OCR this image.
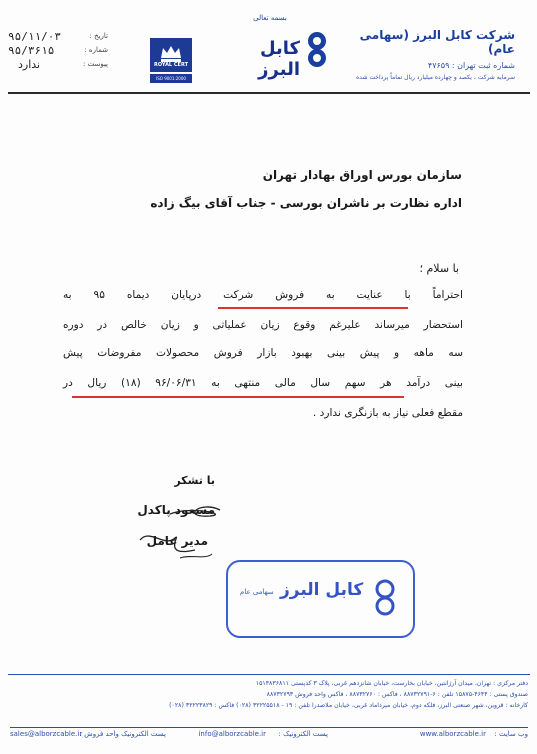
شرکت کابل البرز (سهامی عام)
شماره ثبت تهران : ۴۷۶۵۹
سرمایه شرکت ، یکصد و چهارده میلیارد ریال تماماً پرداخت شده
بسمه تعالی
کابل البرز
ROYAL CERT
ISO 9001:2000
تاریخ :
۹۵/۱۱/۰۳
شماره :
۹۵/۳۶۱۵
پیوست :
ندارد
سازمان بورس اوراق بهادار تهران
اداره نظارت بر ناشران بورسی - جناب آقای بیگ زاده
با سلام ؛
احتراماً با عنایت به فروش شرکت درپایان دیماه ۹۵ به
استحضار میرساند علیرغم وقوع زیان عملیاتی و زیان خالص در دوره
سه ماهه و پیش بینی بهبود بازار فروش محصولات مفروضات پیش
بینی درآمد هر سهم سال مالی منتهی به ۹۶/۰۶/۳۱ (۱۸) ریال در
مقطع فعلی نیاز به بازنگری ندارد .
با تشکر
مسعود پاکدل
مدیر عامل
کابل البرز
سهامی عام
دفتر مرکزی : تهران، میدان آرژانتین، خیابان بخارست، خیابان شانزدهم غربی، پلاک ۳ کدپستی ۱۵۱۴۸۳۶۸۱۱
صندوق پستی : ۴۶۴۴-۱۵۸۷۵ تلفن : ۶-۸۸۷۳۲۷۹۱ ، فاکس : ۸۸۷۳۲۷۶۰ ، فاکس واحد فروش ۸۸۷۳۲۷۹۳
کارخانه : قزوین، شهر صنعتی البرز، فلکه دوم، خیابان میرداماد غربی، خیابان ملاصدرا تلفن : ۱۹ - ۳۲۲۲۵۵۱۸ (۰۲۸) فاکس : ۳۲۲۲۳۸۲۹ (۰۲۸)
وب سایت :
www.alborzcable.ir
پست الکترونیک :
info@alborzcable.ir
پست الکترونیک واحد فروش :
sales@alborzcable.ir
